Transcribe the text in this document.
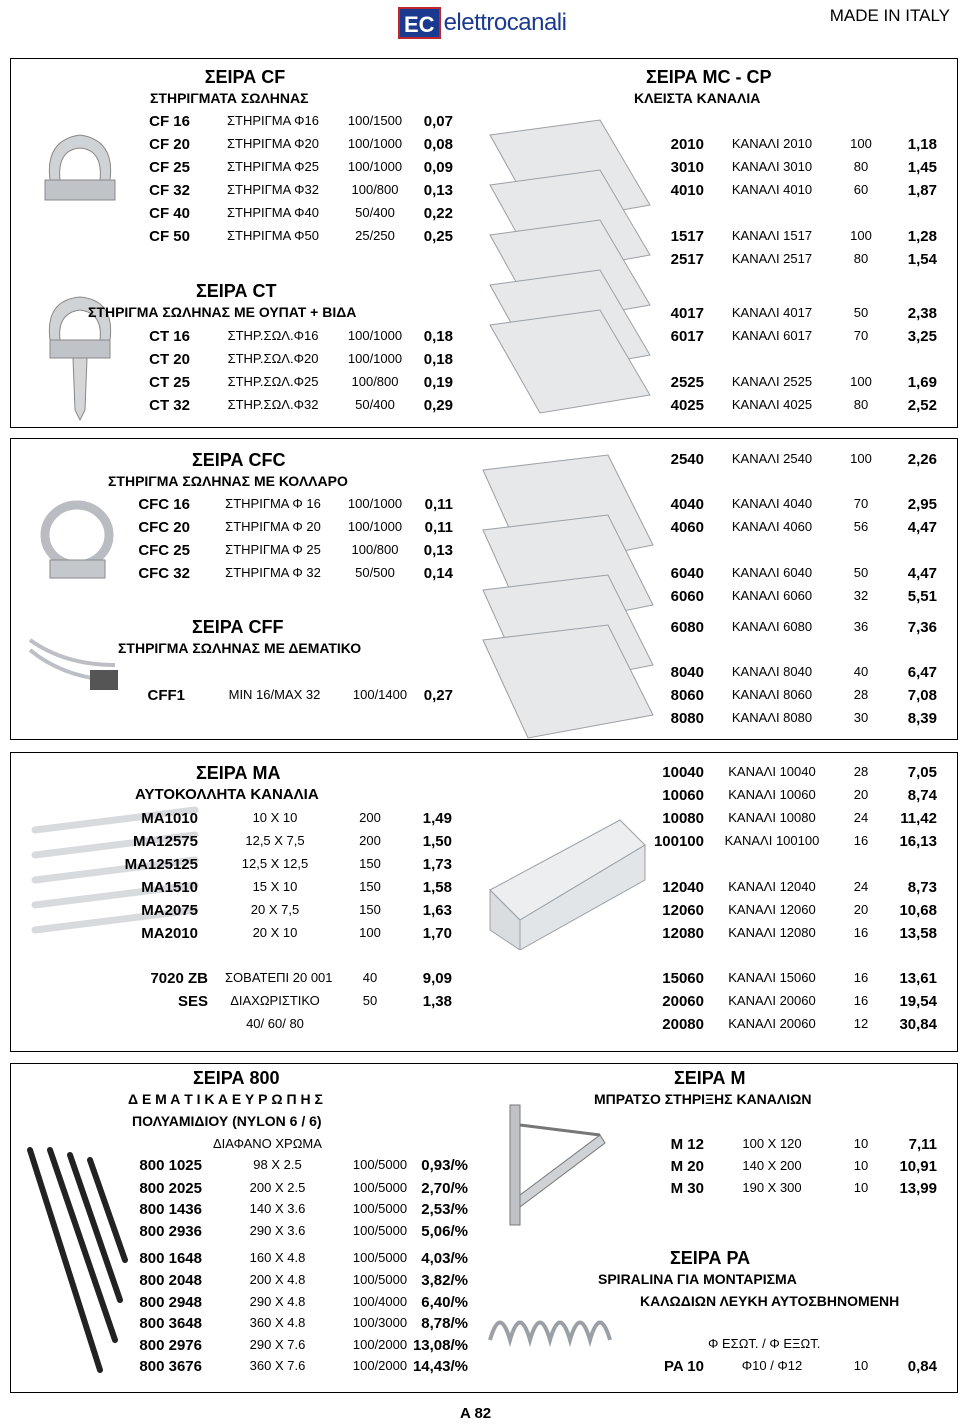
EC elettrocanali	MADE IN ITALY
ΣΕΙΡΑ CF
ΣΤΗΡΙΓΜΑΤΑ ΣΩΛΗΝΑΣ
CF 16	ΣΤΗΡΙΓΜΑ Φ16	100/1500	0,07
CF 20	ΣΤΗΡΙΓΜΑ Φ20	100/1000	0,08
CF 25	ΣΤΗΡΙΓΜΑ Φ25	100/1000	0,09
CF 32	ΣΤΗΡΙΓΜΑ Φ32	100/800	0,13
CF 40	ΣΤΗΡΙΓΜΑ Φ40	50/400	0,22
CF 50	ΣΤΗΡΙΓΜΑ Φ50	25/250	0,25
ΣΕΙΡΑ CT
ΣΤΗΡΙΓΜΑ ΣΩΛΗΝΑΣ ΜΕ ΟΥΠΑΤ + ΒΙΔΑ
CT 16	ΣΤΗΡ.ΣΩΛ.Φ16	100/1000	0,18
CT 20	ΣΤΗΡ.ΣΩΛ.Φ20	100/1000	0,18
CT 25	ΣΤΗΡ.ΣΩΛ.Φ25	100/800	0,19
CT 32	ΣΤΗΡ.ΣΩΛ.Φ32	50/400	0,29
ΣΕΙΡΑ MC - CP
ΚΛΕΙΣΤΑ ΚΑΝΑΛΙΑ
2010	ΚΑΝΑΛΙ 2010	100	1,18
3010	ΚΑΝΑΛΙ 3010	80	1,45
4010	ΚΑΝΑΛΙ 4010	60	1,87
1517	ΚΑΝΑΛΙ 1517	100	1,28
2517	ΚΑΝΑΛΙ 2517	80	1,54
4017	ΚΑΝΑΛΙ 4017	50	2,38
6017	ΚΑΝΑΛΙ 6017	70	3,25
2525	ΚΑΝΑΛΙ 2525	100	1,69
4025	ΚΑΝΑΛΙ 4025	80	2,52
ΣΕΙΡΑ CFC
ΣΤΗΡΙΓΜΑ ΣΩΛΗΝΑΣ ΜΕ ΚΟΛΛΑΡΟ
CFC 16	ΣΤΗΡΙΓΜΑ Φ 16	100/1000	0,11
CFC 20	ΣΤΗΡΙΓΜΑ Φ 20	100/1000	0,11
CFC 25	ΣΤΗΡΙΓΜΑ Φ 25	100/800	0,13
CFC 32	ΣΤΗΡΙΓΜΑ Φ 32	50/500	0,14
ΣΕΙΡΑ CFF
ΣΤΗΡΙΓΜΑ ΣΩΛΗΝΑΣ ΜΕ ΔΕΜΑΤΙΚΟ
CFF1	MIN 16/MAX 32	100/1400	0,27
2540	ΚΑΝΑΛΙ 2540	100	2,26
4040	ΚΑΝΑΛΙ 4040	70	2,95
4060	ΚΑΝΑΛΙ 4060	56	4,47
6040	ΚΑΝΑΛΙ 6040	50	4,47
6060	ΚΑΝΑΛΙ 6060	32	5,51
6080	ΚΑΝΑΛΙ 6080	36	7,36
8040	ΚΑΝΑΛΙ 8040	40	6,47
8060	ΚΑΝΑΛΙ 8060	28	7,08
8080	ΚΑΝΑΛΙ 8080	30	8,39
ΣΕΙΡΑ ΜΑ
ΑΥΤΟΚΟΛΛΗΤΑ ΚΑΝΑΛΙΑ
MA1010	10 X 10	200	1,49
MA12575	12,5 X 7,5	200	1,50
MA125125	12,5 X 12,5	150	1,73
MA1510	15 X 10	150	1,58
MA2075	20 X 7,5	150	1,63
MA2010	20 X 10	100	1,70
7020 ZB ΣΟΒΑΤΕΠΙ 20 001	40	9,09
SES	ΔΙΑΧΩΡΙΣΤΙΚΟ	50	1,38
40/ 60/ 80
10040	ΚΑΝΑΛΙ 10040	28	7,05
10060	ΚΑΝΑΛΙ 10060	20	8,74
10080	ΚΑΝΑΛΙ 10080	24	11,42
100100	ΚΑΝΑΛΙ 100100	16	16,13
12040	ΚΑΝΑΛΙ 12040	24	8,73
12060	ΚΑΝΑΛΙ 12060	20	10,68
12080	ΚΑΝΑΛΙ 12080	16	13,58
15060	ΚΑΝΑΛΙ 15060	16	13,61
20060	ΚΑΝΑΛΙ 20060	16	19,54
20080	ΚΑΝΑΛΙ 20060	12	30,84
ΣΕΙΡΑ 800
Δ Ε Μ Α Τ Ι Κ Α Ε Υ Ρ Ω Π Η Σ
ΠΟΛΥΑΜΙΔΙΟΥ (NYLON 6 / 6)
ΔΙΑΦΑΝΟ ΧΡΩΜΑ
800 1025	98 X 2.5	100/5000 0,93/%
800 2025	200 X 2.5	100/5000 2,70/%
800 1436	140 X 3.6	100/5000 2,53/%
800 2936	290 X 3.6	100/5000 5,06/%
800 1648	160 X 4.8	100/5000 4,03/%
800 2048	200 X 4.8	100/5000 3,82/%
800 2948	290 X 4.8	100/4000 6,40/%
800 3648	360 X 4.8	100/3000 8,78/%
800 2976	290 X 7.6	100/2000 13,08/%
800 3676	360 X 7.6	100/2000 14,43/%
ΣΕΙΡΑ Μ
ΜΠΡΑΤΣΟ ΣΤΗΡΙΞΗΣ ΚΑΝΑΛΙΩΝ
M 12	100 X 120	10	7,11
M 20	140 X 200	10	10,91
M 30	190 X 300	10	13,99
ΣΕΙΡΑ PA
SPIRALINA ΓΙΑ ΜΟΝΤΑΡΙΣΜΑ
ΚΑΛΩΔΙΩΝ ΛΕΥΚΗ ΑΥΤΟΣΒΗΝΟΜΕΝΗ
Φ ΕΣΩΤ. / Φ ΕΞΩΤ.
PA 10	Φ10 / Φ12	10	0,84
A 82
